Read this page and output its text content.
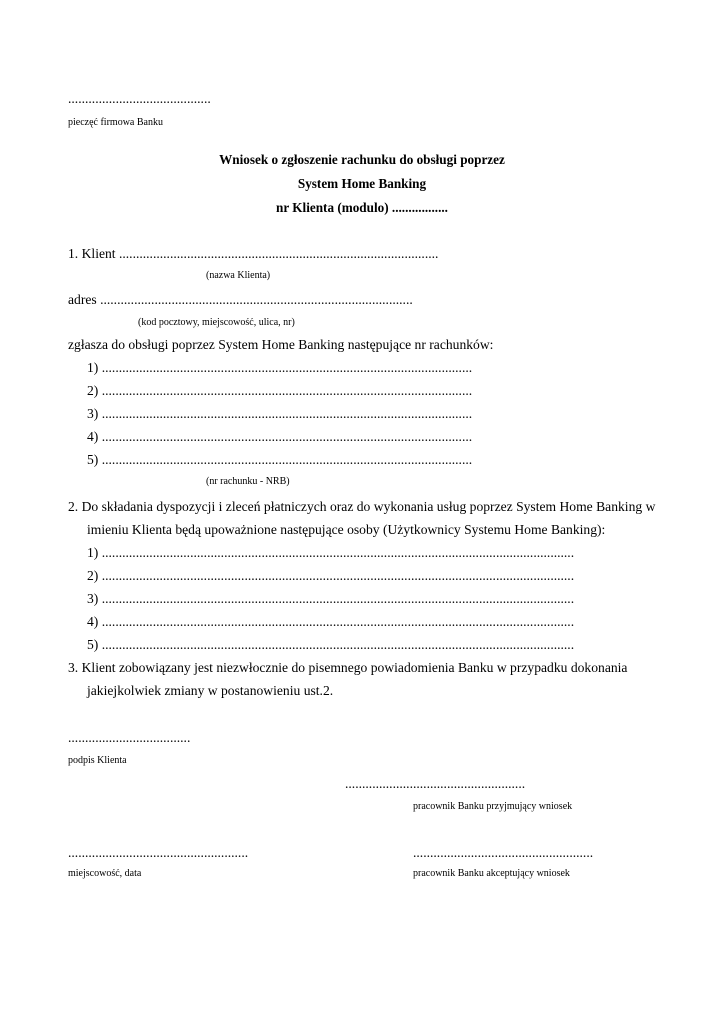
..........................................
pieczęć firmowa Banku
Wniosek o zgłoszenie rachunku do obsługi poprzez
System Home Banking
nr Klienta (modulo) .................
1. Klient ..............................................................................................
(nazwa Klienta)
adres ............................................................................................
(kod pocztowy, miejscowość, ulica, nr)
zgłasza do obsługi poprzez System Home Banking następujące nr rachunków:
1) .............................................................................................................
2) .............................................................................................................
3) .............................................................................................................
4) .............................................................................................................
5) .............................................................................................................
(nr rachunku - NRB)
2. Do składania dyspozycji i zleceń płatniczych oraz do wykonania usług poprzez System Home Banking w
imieniu Klienta będą upoważnione następujące osoby (Użytkownicy Systemu Home Banking):
1) ...........................................................................................................................................
2) ...........................................................................................................................................
3) ...........................................................................................................................................
4) ...........................................................................................................................................
5) ...........................................................................................................................................
3. Klient zobowiązany jest niezwłocznie do pisemnego powiadomienia Banku w przypadku dokonania
jakiejkolwiek zmiany w postanowieniu ust.2.
....................................
podpis Klienta
.....................................................
pracownik Banku przyjmujący wniosek
.....................................................
miejscowość, data
.....................................................
pracownik Banku akceptujący wniosek
